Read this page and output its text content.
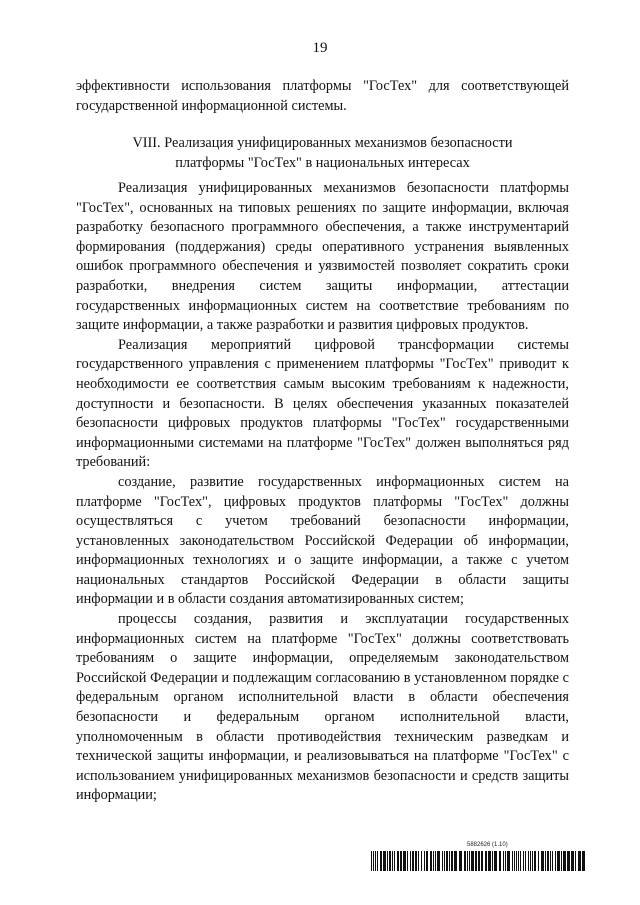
19

эффективности использования платформы "ГосТех" для соответствующей государственной информационной системы.

VIII. Реализация унифицированных механизмов безопасности
платформы "ГосТех" в национальных интересах

Реализация унифицированных механизмов безопасности платформы "ГосТех", основанных на типовых решениях по защите информации, включая разработку безопасного программного обеспечения, а также инструментарий формирования (поддержания) среды оперативного устранения выявленных ошибок программного обеспечения и уязвимостей позволяет сократить сроки разработки, внедрения систем защиты информации, аттестации государственных информационных систем на соответствие требованиям по защите информации, а также разработки и развития цифровых продуктов.

Реализация мероприятий цифровой трансформации системы государственного управления с применением платформы "ГосТех" приводит к необходимости ее соответствия самым высоким требованиям к надежности, доступности и безопасности. В целях обеспечения указанных показателей безопасности цифровых продуктов платформы "ГосТех" государственными информационными системами на платформе "ГосТех" должен выполняться ряд требований:

создание, развитие государственных информационных систем на платформе "ГосТех", цифровых продуктов платформы "ГосТех" должны осуществляться с учетом требований безопасности информации, установленных законодательством Российской Федерации об информации, информационных технологиях и о защите информации, а также с учетом национальных стандартов Российской Федерации в области защиты информации и в области создания автоматизированных систем;

процессы создания, развития и эксплуатации государственных информационных систем на платформе "ГосТех" должны соответствовать требованиям о защите информации, определяемым законодательством Российской Федерации и подлежащим согласованию в установленном порядке с федеральным органом исполнительной власти в области обеспечения безопасности и федеральным органом исполнительной власти, уполномоченным в области противодействия техническим разведкам и технической защиты информации, и реализовываться на платформе "ГосТех" с использованием унифицированных механизмов безопасности и средств защиты информации;

5882626 (1.10)
